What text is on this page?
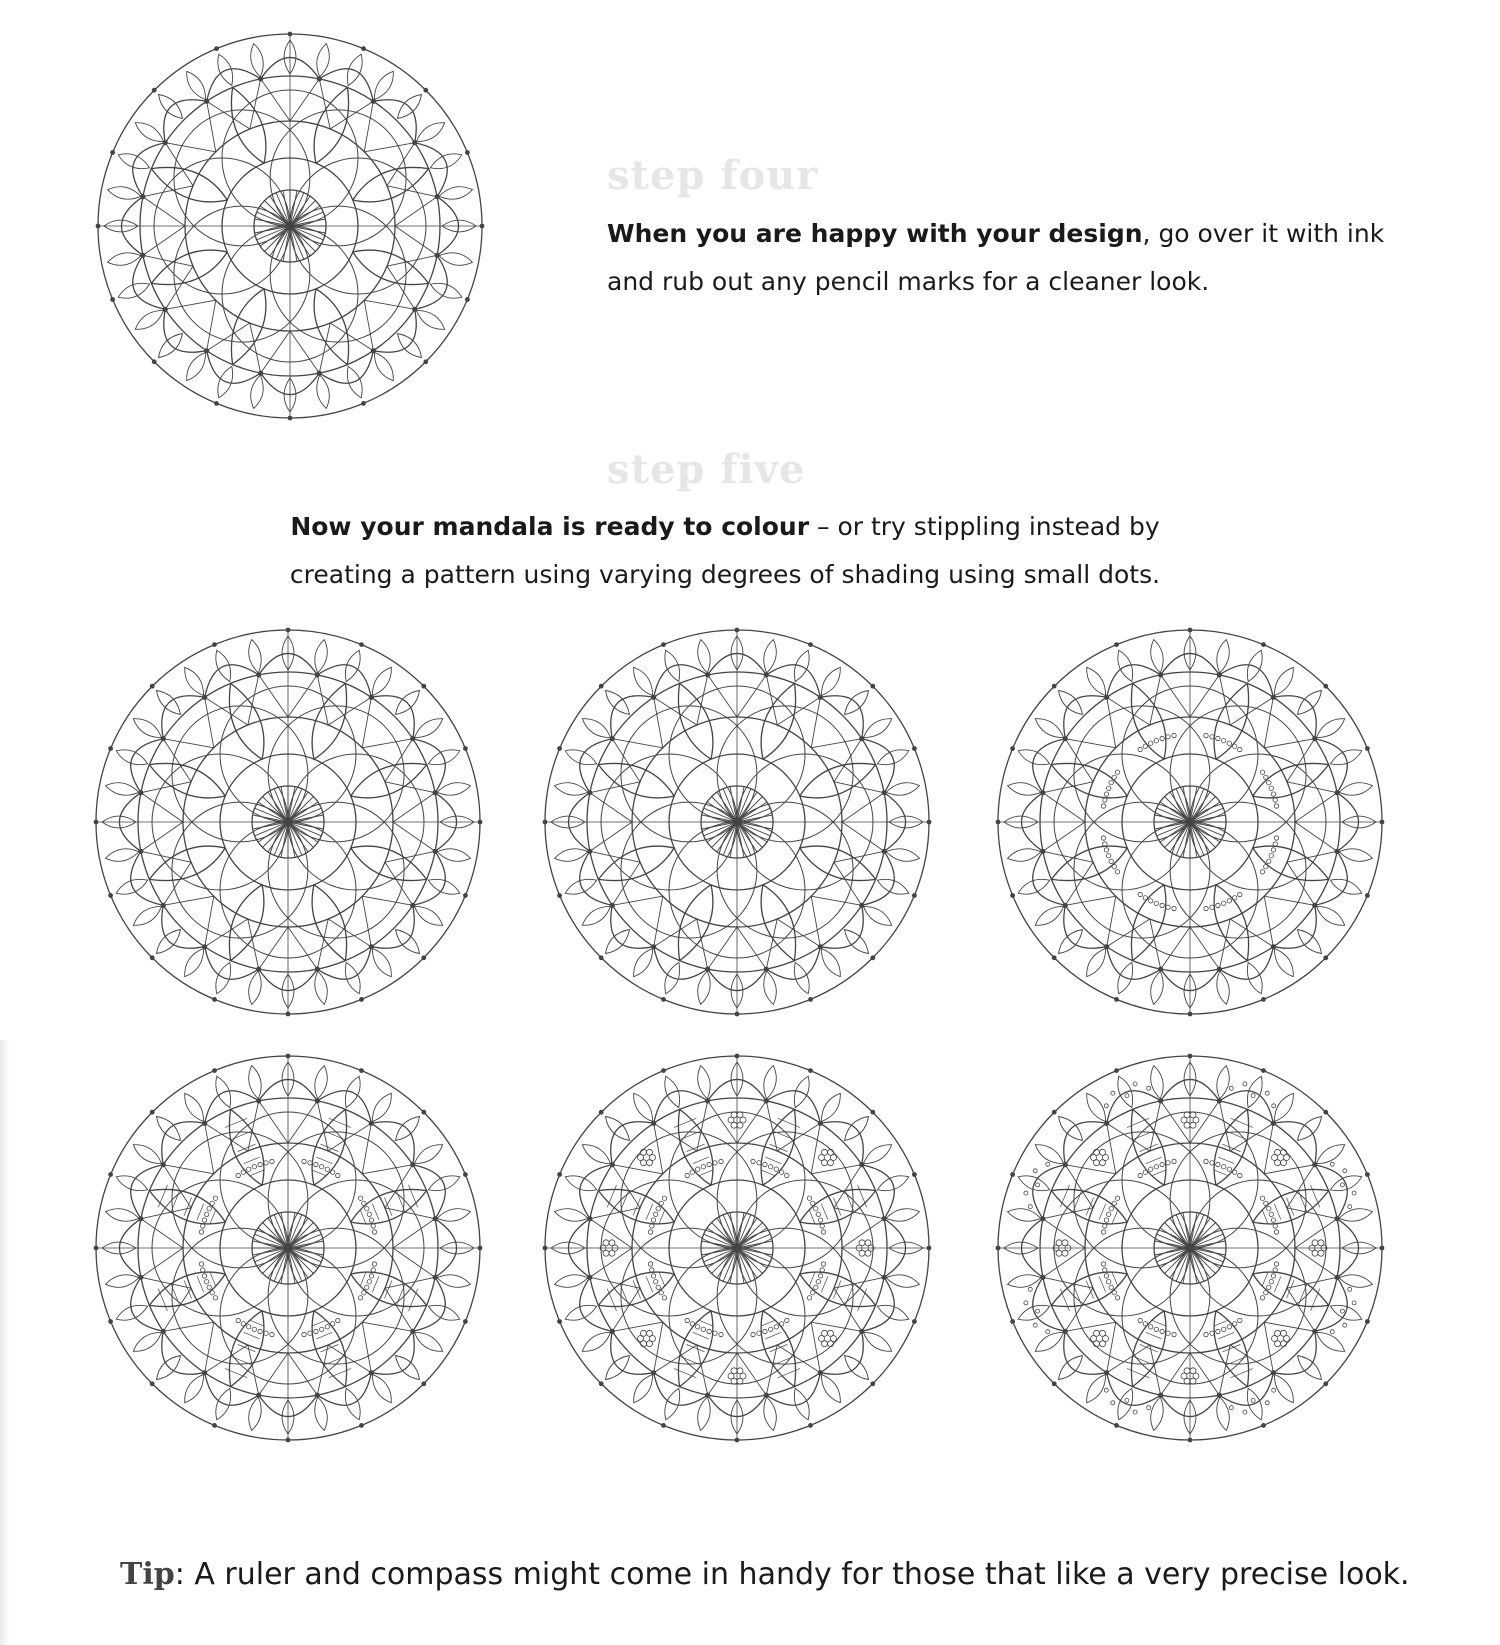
step four

When you are happy with your design, go over it with ink and rub out any pencil marks for a cleaner look.

step five

Now your mandala is ready to colour – or try stippling instead by
creating a pattern using varying degrees of shading using small dots.

Tip: A ruler and compass might come in handy for those that like a very precise look.
